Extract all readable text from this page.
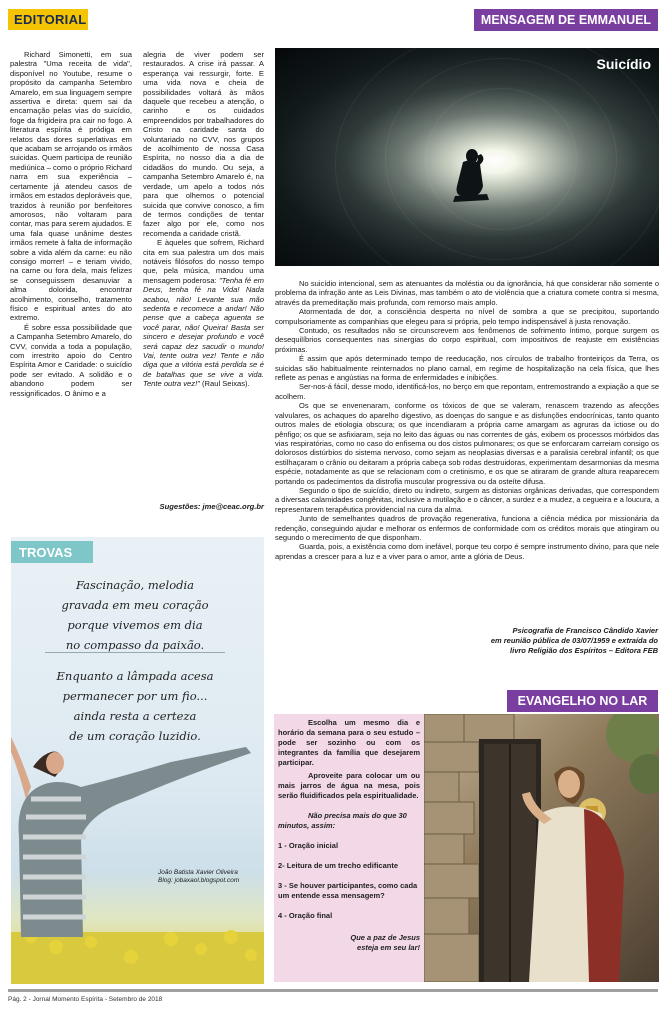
EDITORIAL

Richard Simonetti, em sua palestra "Uma receita de vida", disponível no Youtube, resume o propósito da campanha Setembro Amarelo, em sua linguagem sempre assertiva e direta: quem sai da encarnação pelas vias do suicídio, foge da frigideira pra cair no fogo. A literatura espírita é pródiga em relatos das dores superlativas em que acabam se arrojando os irmãos suicidas. Quem participa de reunião mediúnica – como o próprio Richard narra em sua experiência – certamente já atendeu casos de irmãos em estados deploráveis que, trazidos à reunião por benfeitores amorosos, não voltaram para contar, mas para serem ajudados. E uma fala quase unânime destes irmãos remete à falta de informação sobre a vida além da carne: eu não consigo morrer! – e teriam vivido, na carne ou fora dela, mais felizes se conseguissem desanuviar a alma dolorida, encontrar acolhimento, conselho, tratamento físico e espiritual antes do ato extremo.

É sobre essa possibilidade que a Campanha Setembro Amarelo, do CVV, convida a toda a população, com irrestrito apoio do Centro Espírita Amor e Caridade: o suicídio pode ser evitado. A solidão e o abandono podem ser ressignificados. O ânimo e a

alegria de viver podem ser restaurados. A crise irá passar. A esperança vai ressurgir, forte. E uma vida nova e cheia de possibilidades voltará às mãos daquele que recebeu a atenção, o carinho e os cuidados empreendidos por trabalhadores do Cristo na caridade santa do voluntariado no CVV, nos grupos de acolhimento de nossa Casa Espírita, no nosso dia a dia de cidadãos do mundo. Ou seja, a campanha Setembro Amarelo é, na verdade, um apelo a todos nós para que olhemos o potencial suicida que convive conosco, a fim de termos condições de tentar fazer algo por ele, como nos recomenda a caridade cristã.

E àqueles que sofrem, Richard cita em sua palestra um dos mais notáveis filósofos do nosso tempo que, pela música, mandou uma mensagem poderosa: "Tenha fé em Deus, tenha fé na Vida! Nada acabou, não! Levante sua mão sedenta e recomece a andar! Não pense que a cabeça aguenta se você parar, não! Queira! Basta ser sincero e desejar profundo e você será capaz dez sacudir o mundo! Vai, tente outra vez! Tente e não diga que a vitória está perdida se é de batalhas que se vive a vida. Tente outra vez!" (Raul Seixas).

Sugestões: jme@ceac.org.br
MENSAGEM DE EMMANUEL
Suicídio

No suicídio intencional, sem as atenuantes da moléstia ou da ignorância, há que considerar não somente o problema da infração ante as Leis Divinas, mas também o ato de violência que a criatura comete contra si mesma, através da premeditação mais profunda, com remorso mais amplo.

Atormentada de dor, a consciência desperta no nível de sombra a que se precipitou, suportando compulsoriamente as companhias que elegeu para si própria, pelo tempo indispensável à justa renovação.

Contudo, os resultados não se circunscrevem aos fenômenos de sofrimento íntimo, porque surgem os desequilíbrios consequentes nas sinergias do corpo espiritual, com impositivos de reajuste em existências próximas.

É assim que após determinado tempo de reeducação, nos círculos de trabalho fronteiriços da Terra, os suicidas são habitualmente reinternados no plano carnal, em regime de hospitalização na cela física, que lhes reflete as penas e angústias na forma de enfermidades e inibições.

Ser-nos-á fácil, desse modo, identificá-los, no berço em que repontam, entremostrando a expiação a que se acolhem.

Os que se envenenaram, conforme os tóxicos de que se valeram, renascem trazendo as afecções valvulares, os achaques do aparelho digestivo, as doenças do sangue e as disfunções endocrínicas, tanto quanto outros males de etiologia obscura; os que incendiaram a própria carne amargam as agruras da ictiose ou do pênfigo; os que se asfixiaram, seja no leito das águas ou nas correntes de gás, exibem os processos mórbidos das vias respiratórias, como no caso do enfisema ou dos cistos pulmonares; os que se enforcaram carreiam consigo os dolorosos distúrbios do sistema nervoso, como sejam as neoplasias diversas e a paralisia cerebral infantil; os que estilhaçaram o crânio ou deitaram a própria cabeça sob rodas destruidoras, experimentam desarmonias da mesma espécie, notadamente as que se relacionam com o cretinismo, e os que se atiraram de grande altura reaparecem portando os padecimentos da distrofia muscular progressiva ou da osteíte difusa.

Segundo o tipo de suicídio, direto ou indireto, surgem as distonias orgânicas derivadas, que correspondem a diversas calamidades congênitas, inclusive a mutilação e o câncer, a surdez e a mudez, a cegueira e a loucura, a representarem terapêutica providencial na cura da alma.

Junto de semelhantes quadros de provação regenerativa, funciona a ciência médica por missionária da redenção, conseguindo ajudar e melhorar os enfermos de conformidade com os créditos morais que atingiram ou segundo o merecimento de que disponham.

Guarda, pois, a existência como dom inefável, porque teu corpo é sempre instrumento divino, para que nele aprendas a crescer para a luz e a viver para o amor, ante a glória de Deus.

Psicografia de Francisco Cândido Xavier
em reunião pública de 03/07/1959 e extraída do
livro Religião dos Espíritos – Editora FEB
TROVAS
Fascinação, melodia
gravada em meu coração
porque vivemos em dia
no compasso da paixão.
Enquanto a lâmpada acesa
permanecer por um fio...
ainda resta a certeza
de um coração luzidio.
João Batista Xavier Oliveira
Blog: jobaxaol.blogspot.com
EVANGELHO NO LAR

Escolha um mesmo dia e horário da semana para o seu estudo – pode ser sozinho ou com os integrantes da família que desejarem participar.

Aproveite para colocar um ou mais jarros de água na mesa, pois serão fluidificados pela espiritualidade.

Não precisa mais do que 30 minutos, assim:

1 - Oração inicial

2- Leitura de um trecho edificante

3 - Se houver participantes, como cada um entende essa mensagem?

4 - Oração final

Que a paz de Jesus

esteja em seu lar!

Pág. 2 - Jornal Momento Espírita - Setembro de 2018
